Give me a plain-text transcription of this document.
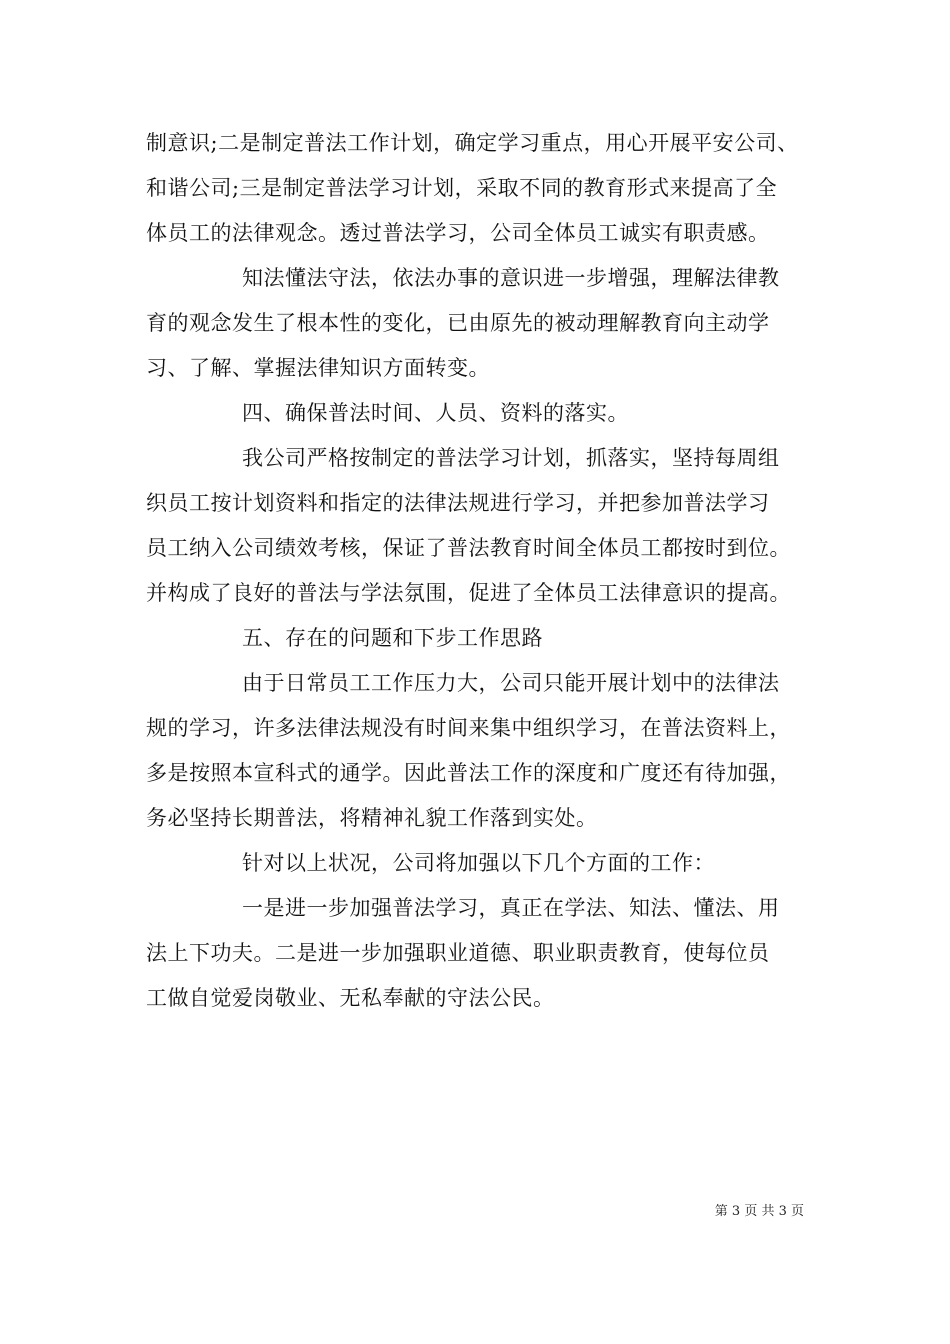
制意识;二是制定普法工作计划，确定学习重点，用心开展平安公司、
和谐公司;三是制定普法学习计划，采取不同的教育形式来提高了全
体员工的法律观念。透过普法学习，公司全体员工诚实有职责感。
知法懂法守法，依法办事的意识进一步增强，理解法律教
育的观念发生了根本性的变化，已由原先的被动理解教育向主动学
习、了解、掌握法律知识方面转变。
四、确保普法时间、人员、资料的落实。
我公司严格按制定的普法学习计划，抓落实，坚持每周组
织员工按计划资料和指定的法律法规进行学习，并把参加普法学习
员工纳入公司绩效考核，保证了普法教育时间全体员工都按时到位。
并构成了良好的普法与学法氛围，促进了全体员工法律意识的提高。
五、存在的问题和下步工作思路
由于日常员工工作压力大，公司只能开展计划中的法律法
规的学习，许多法律法规没有时间来集中组织学习，在普法资料上，
多是按照本宣科式的通学。因此普法工作的深度和广度还有待加强，
务必坚持长期普法，将精神礼貌工作落到实处。
针对以上状况，公司将加强以下几个方面的工作：
一是进一步加强普法学习，真正在学法、知法、懂法、用
法上下功夫。二是进一步加强职业道德、职业职责教育，使每位员
工做自觉爱岗敬业、无私奉献的守法公民。
第 3 页 共 3 页
